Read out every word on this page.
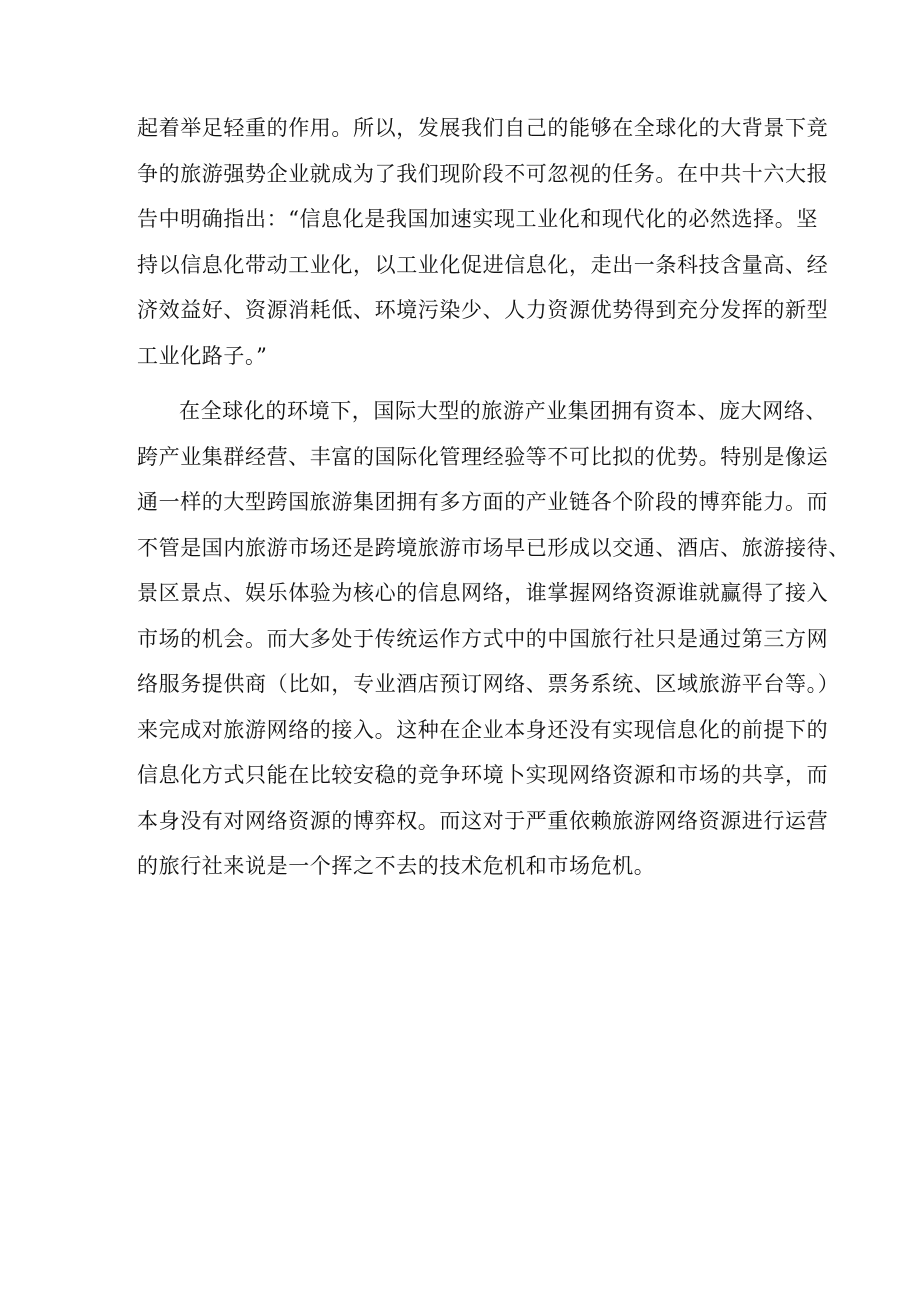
起着举足轻重的作用。所以，发展我们自己的能够在全球化的大背景下竞
争的旅游强势企业就成为了我们现阶段不可忽视的任务。在中共十六大报
告中明确指出：“信息化是我国加速实现工业化和现代化的必然选择。坚
持以信息化带动工业化，以工业化促进信息化，走出一条科技含量高、经
济效益好、资源消耗低、环境污染少、人力资源优势得到充分发挥的新型
工业化路子。”

在全球化的环境下，国际大型的旅游产业集团拥有资本、庞大网络、
跨产业集群经营、丰富的国际化管理经验等不可比拟的优势。特别是像运
通一样的大型跨国旅游集团拥有多方面的产业链各个阶段的博弈能力。而
不管是国内旅游市场还是跨境旅游市场早已形成以交通、酒店、旅游接待、
景区景点、娱乐体验为核心的信息网络，谁掌握网络资源谁就赢得了接入
市场的机会。而大多处于传统运作方式中的中国旅行社只是通过第三方网
络服务提供商（比如，专业酒店预订网络、票务系统、区域旅游平台等。）
来完成对旅游网络的接入。这种在企业本身还没有实现信息化的前提下的
信息化方式只能在比较安稳的竞争环境卜实现网络资源和市场的共享，而
本身没有对网络资源的博弈权。而这对于严重依赖旅游网络资源进行运营
的旅行社来说是一个挥之不去的技术危机和市场危机。
